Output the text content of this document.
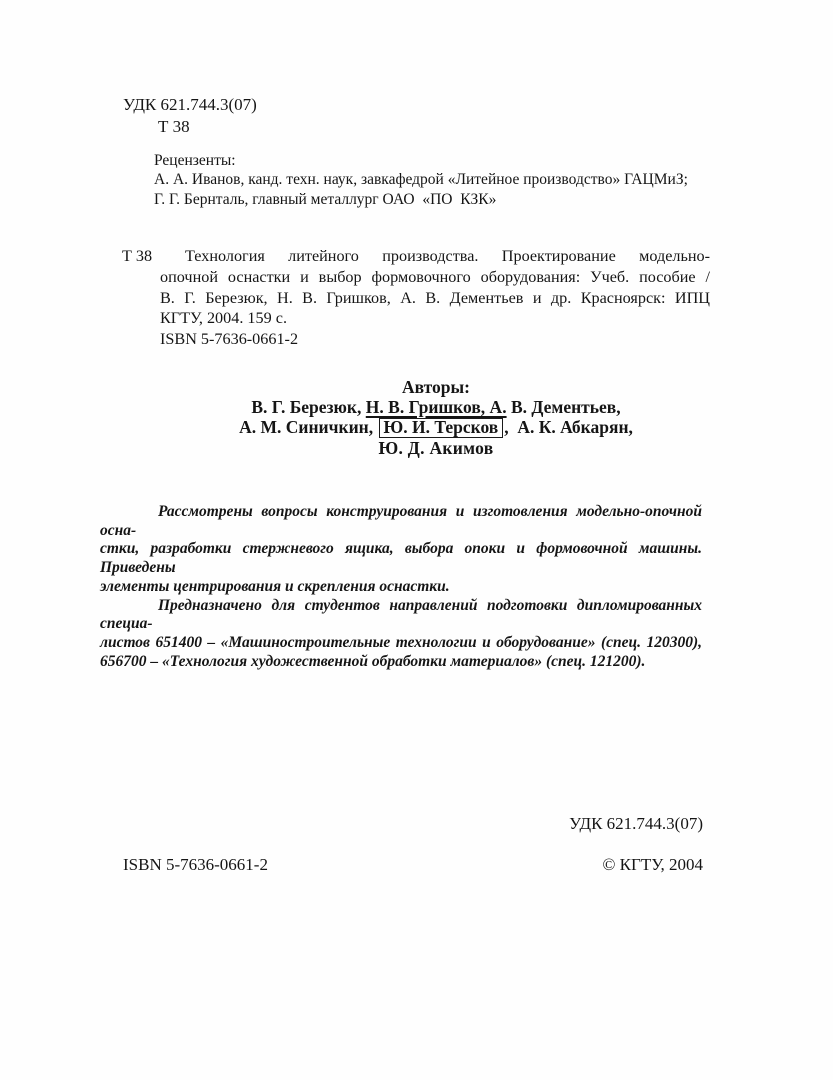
УДК 621.744.3(07)
Т 38
Рецензенты:
А. А. Иванов, канд. техн. наук, завкафедрой «Литейное производство» ГАЦМиЗ;
Г. Г. Бернталь, главный металлург ОАО  «ПО  КЗК»
Т 38	Технология литейного производства. Проектирование модельно-
опочной оснастки и выбор формовочного оборудования: Учеб. пособие /
В. Г. Березюк, Н. В. Гришков, А. В. Дементьев и др. Красноярск: ИПЦ
КГТУ, 2004. 159 с.
ISBN 5-7636-0661-2
Авторы:
В. Г. Березюк, Н. В. Гришков, А. В. Дементьев,
А. М. Синичкин, Ю. И. Терсков ,  А. К. Абкарян,
Ю. Д. Акимов
Рассмотрены вопросы конструирования и изготовления модельно-опочной осна-
стки, разработки стержневого ящика, выбора опоки и формовочной машины. Приведены
элементы центрирования и скрепления оснастки.
Предназначено для студентов направлений подготовки дипломированных специа-
листов 651400 – «Машиностроительные технологии и оборудование» (спец. 120300),
656700 – «Технология художественной обработки материалов» (спец. 121200).
УДК 621.744.3(07)
ISBN 5-7636-0661-2	© КГТУ, 2004
